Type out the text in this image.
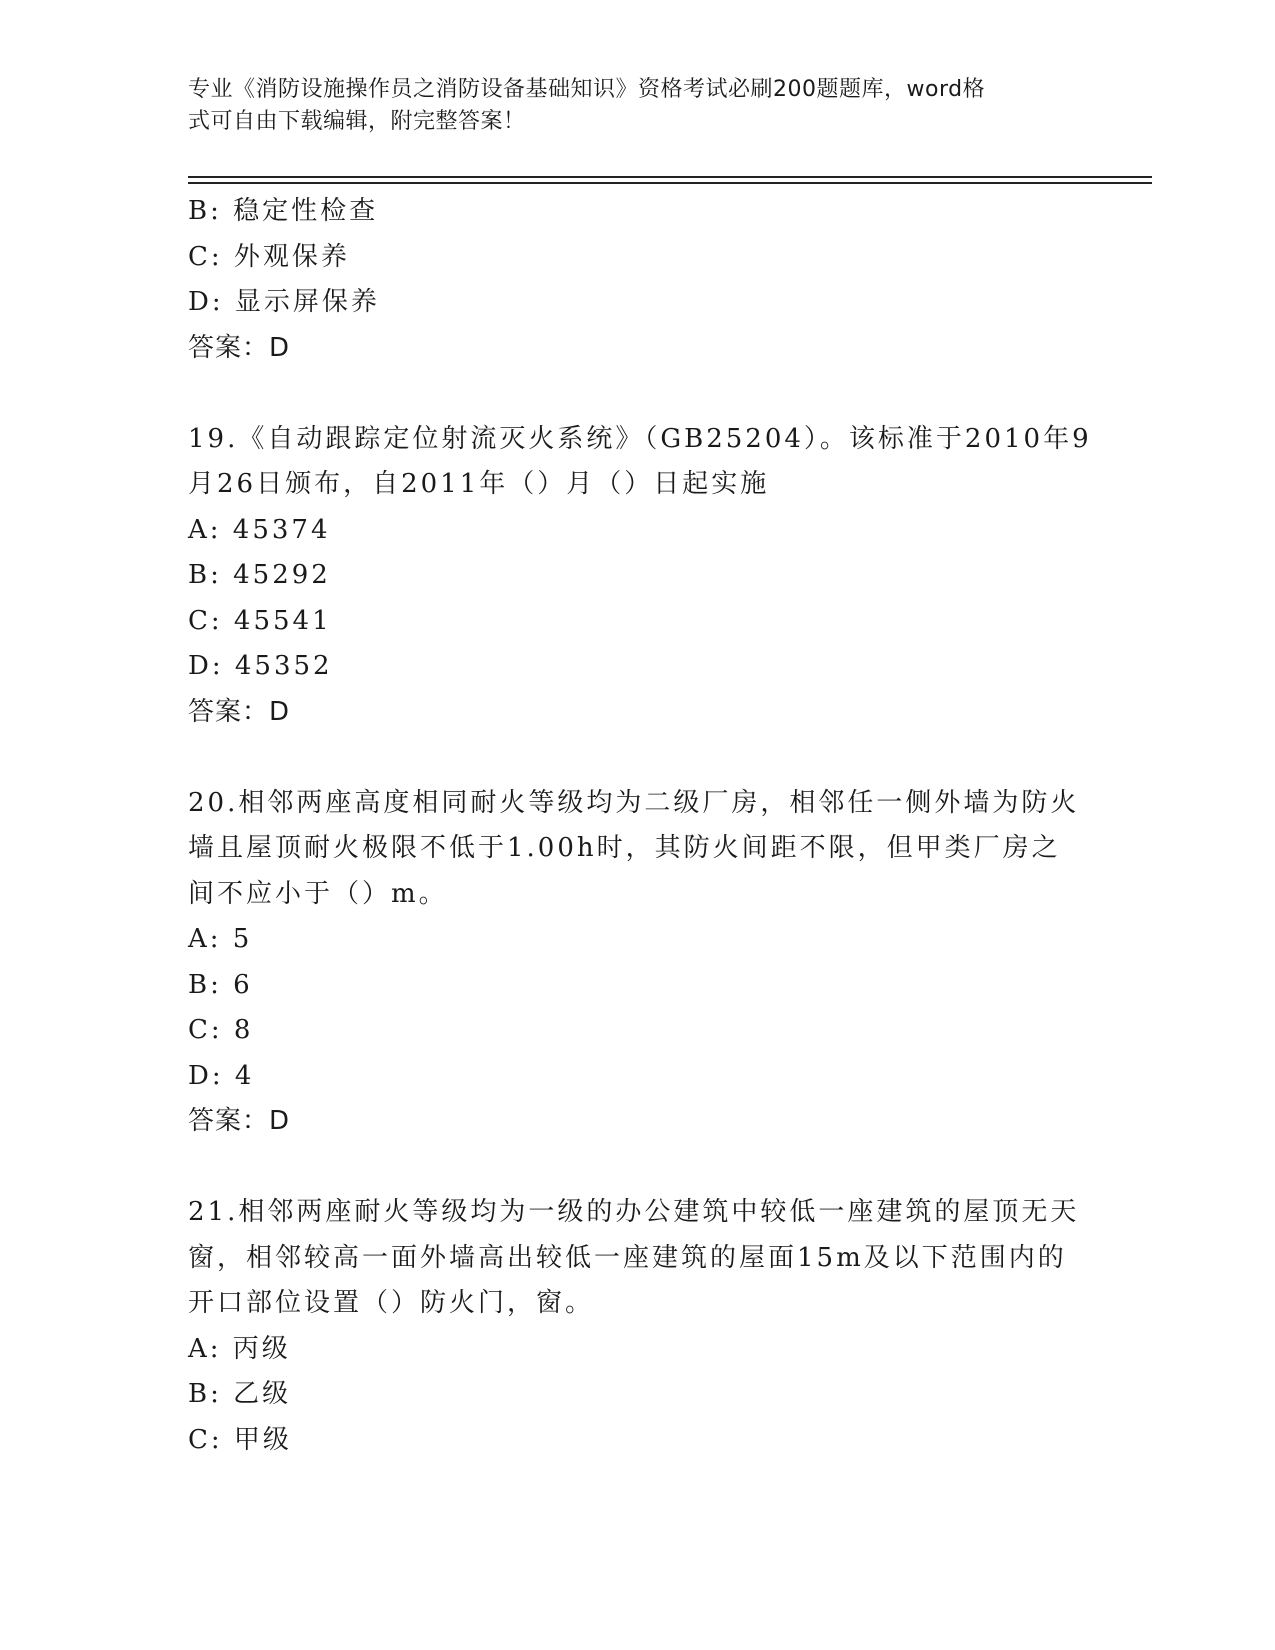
专业《消防设施操作员之消防设备基础知识》资格考试必刷200题题库，word格
式可自由下载编辑，附完整答案！
B: 稳定性检查
C: 外观保养
D: 显示屏保养
答案：D
19.《自动跟踪定位射流灭火系统》（GB25204）。该标准于2010年9
月26日颁布，自2011年（）月（）日起实施
A: 45374
B: 45292
C: 45541
D: 45352
答案：D
20.相邻两座高度相同耐火等级均为二级厂房，相邻任一侧外墙为防火
墙且屋顶耐火极限不低于1.00h时，其防火间距不限，但甲类厂房之
间不应小于（）m。
A: 5
B: 6
C: 8
D: 4
答案：D
21.相邻两座耐火等级均为一级的办公建筑中较低一座建筑的屋顶无天
窗，相邻较高一面外墙高出较低一座建筑的屋面15m及以下范围内的
开口部位设置（）防火门，窗。
A: 丙级
B: 乙级
C: 甲级
